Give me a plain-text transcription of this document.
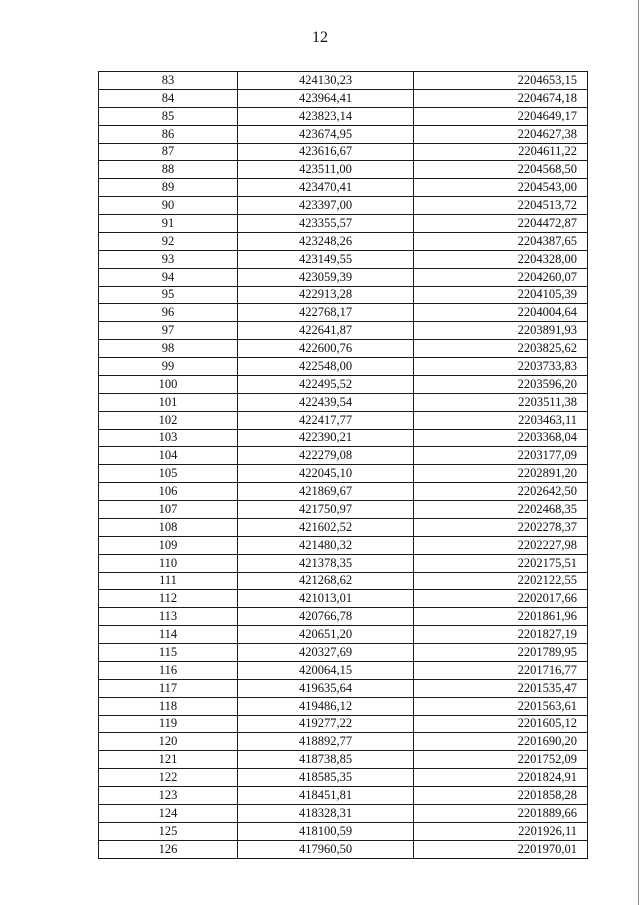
12
83	424130,23	2204653,15
84	423964,41	2204674,18
85	423823,14	2204649,17
86	423674,95	2204627,38
87	423616,67	2204611,22
88	423511,00	2204568,50
89	423470,41	2204543,00
90	423397,00	2204513,72
91	423355,57	2204472,87
92	423248,26	2204387,65
93	423149,55	2204328,00
94	423059,39	2204260,07
95	422913,28	2204105,39
96	422768,17	2204004,64
97	422641,87	2203891,93
98	422600,76	2203825,62
99	422548,00	2203733,83
100	422495,52	2203596,20
101	422439,54	2203511,38
102	422417,77	2203463,11
103	422390,21	2203368,04
104	422279,08	2203177,09
105	422045,10	2202891,20
106	421869,67	2202642,50
107	421750,97	2202468,35
108	421602,52	2202278,37
109	421480,32	2202227,98
110	421378,35	2202175,51
111	421268,62	2202122,55
112	421013,01	2202017,66
113	420766,78	2201861,96
114	420651,20	2201827,19
115	420327,69	2201789,95
116	420064,15	2201716,77
117	419635,64	2201535,47
118	419486,12	2201563,61
119	419277,22	2201605,12
120	418892,77	2201690,20
121	418738,85	2201752,09
122	418585,35	2201824,91
123	418451,81	2201858,28
124	418328,31	2201889,66
125	418100,59	2201926,11
126	417960,50	2201970,01
